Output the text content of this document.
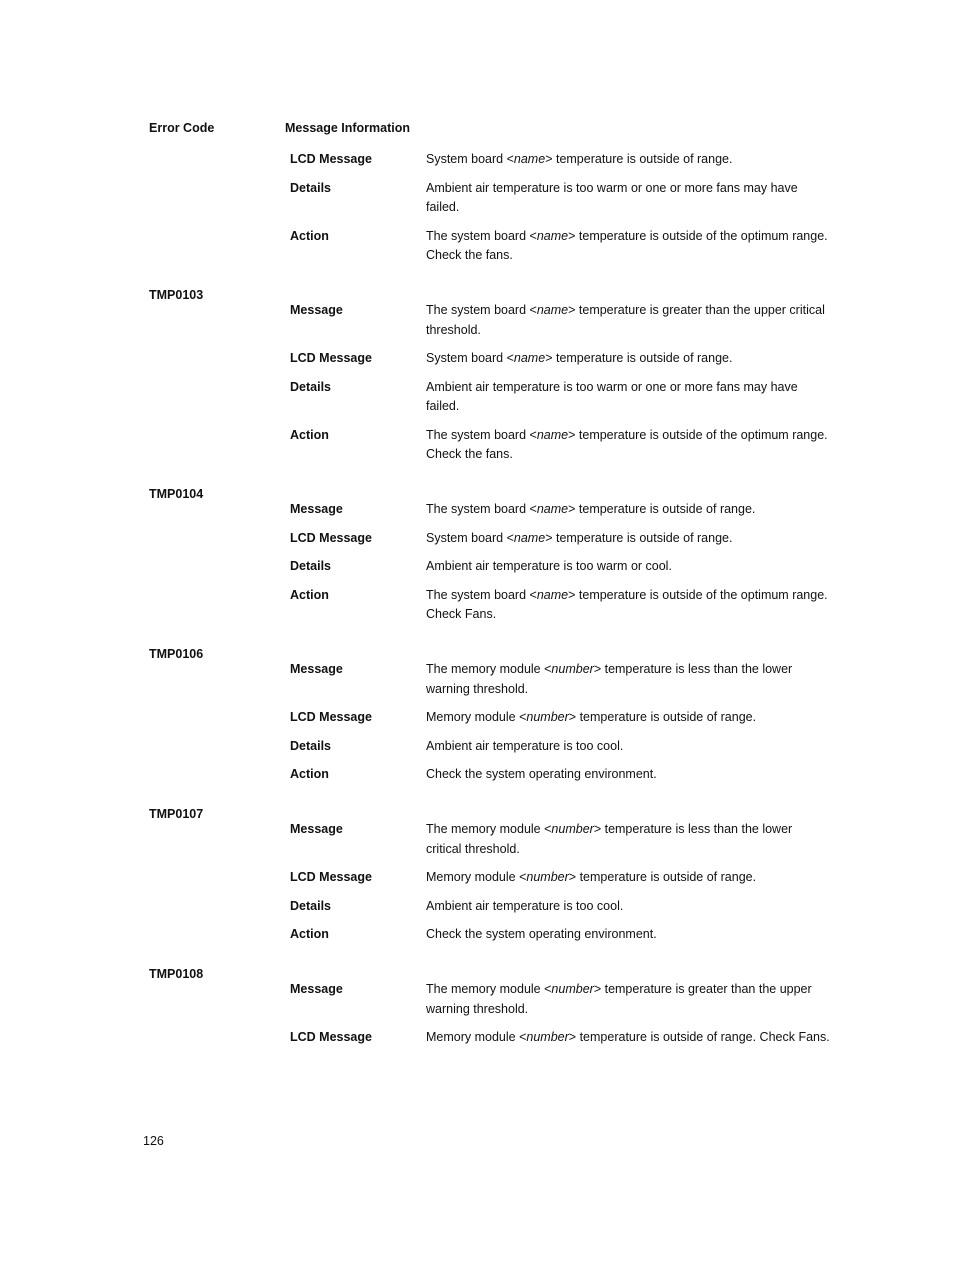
Error Code	Message Information
LCD Message	System board <name> temperature is outside of range.
Details	Ambient air temperature is too warm or one or more fans may have failed.
Action	The system board <name> temperature is outside of the optimum range. Check the fans.
TMP0103
Message	The system board <name> temperature is greater than the upper critical threshold.
LCD Message	System board <name> temperature is outside of range.
Details	Ambient air temperature is too warm or one or more fans may have failed.
Action	The system board <name> temperature is outside of the optimum range. Check the fans.
TMP0104
Message	The system board <name> temperature is outside of range.
LCD Message	System board <name> temperature is outside of range.
Details	Ambient air temperature is too warm or cool.
Action	The system board <name> temperature is outside of the optimum range. Check Fans.
TMP0106
Message	The memory module <number> temperature is less than the lower warning threshold.
LCD Message	Memory module <number> temperature is outside of range.
Details	Ambient air temperature is too cool.
Action	Check the system operating environment.
TMP0107
Message	The memory module <number> temperature is less than the lower critical threshold.
LCD Message	Memory module <number> temperature is outside of range.
Details	Ambient air temperature is too cool.
Action	Check the system operating environment.
TMP0108
Message	The memory module <number> temperature is greater than the upper warning threshold.
LCD Message	Memory module <number> temperature is outside of range. Check Fans.
126
